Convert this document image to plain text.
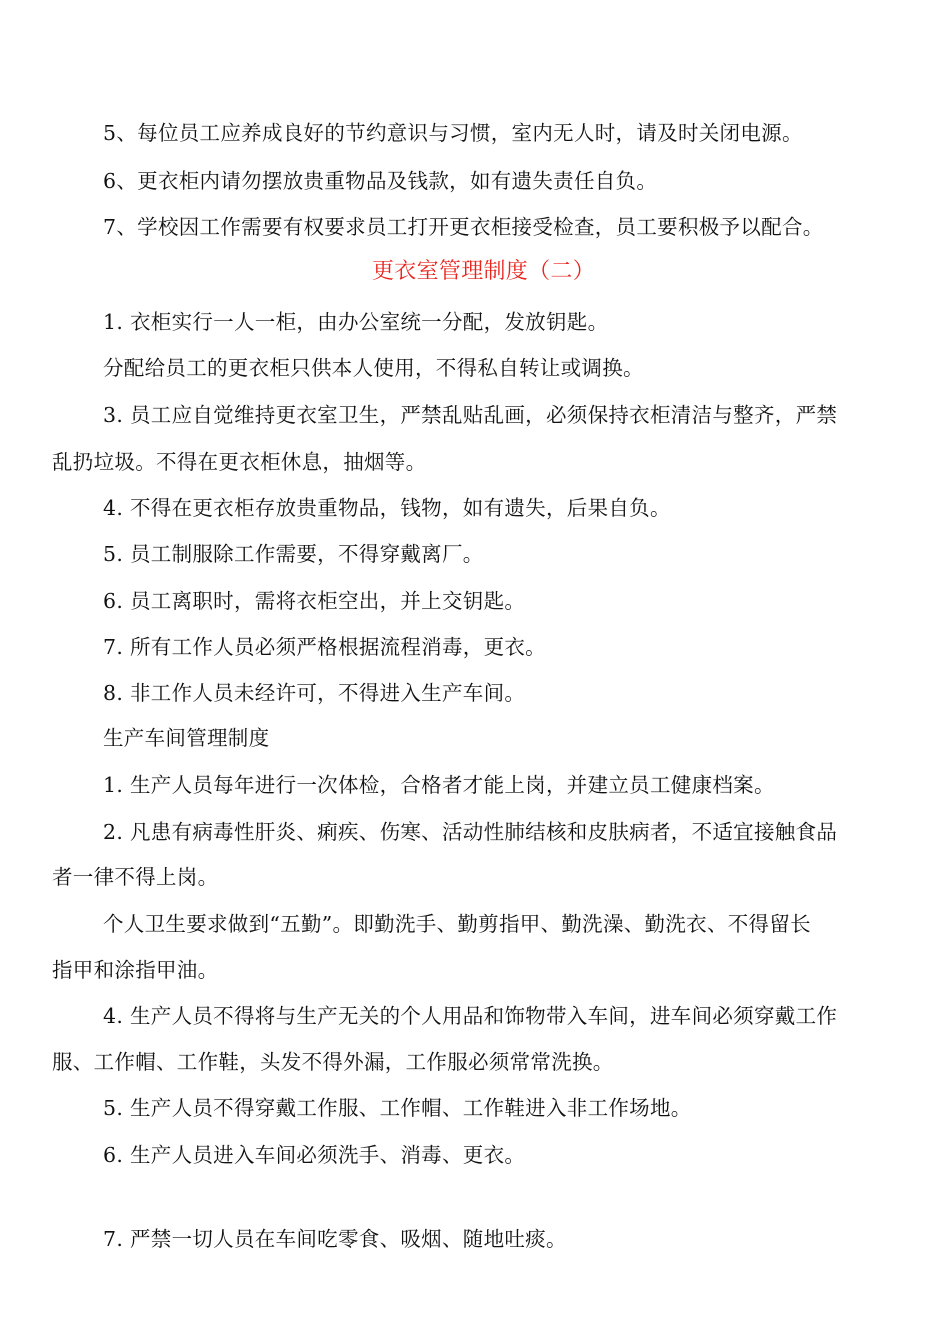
5、每位员工应养成良好的节约意识与习惯，室内无人时，请及时关闭电源。
6、更衣柜内请勿摆放贵重物品及钱款，如有遗失责任自负。
7、学校因工作需要有权要求员工打开更衣柜接受检查，员工要积极予以配合。
更衣室管理制度（二）
1. 衣柜实行一人一柜，由办公室统一分配，发放钥匙。
分配给员工的更衣柜只供本人使用，不得私自转让或调换。
3. 员工应自觉维持更衣室卫生，严禁乱贴乱画，必须保持衣柜清洁与整齐，严禁
乱扔垃圾。不得在更衣柜休息，抽烟等。
4. 不得在更衣柜存放贵重物品，钱物，如有遗失，后果自负。
5. 员工制服除工作需要，不得穿戴离厂。
6. 员工离职时，需将衣柜空出，并上交钥匙。
7. 所有工作人员必须严格根据流程消毒，更衣。
8. 非工作人员未经许可，不得进入生产车间。
生产车间管理制度
1. 生产人员每年进行一次体检，合格者才能上岗，并建立员工健康档案。
2. 凡患有病毒性肝炎、痢疾、伤寒、活动性肺结核和皮肤病者，不适宜接触食品
者一律不得上岗。
个人卫生要求做到“五勤”。即勤洗手、勤剪指甲、勤洗澡、勤洗衣、不得留长
指甲和涂指甲油。
4. 生产人员不得将与生产无关的个人用品和饰物带入车间，进车间必须穿戴工作
服、工作帽、工作鞋，头发不得外漏，工作服必须常常洗换。
5. 生产人员不得穿戴工作服、工作帽、工作鞋进入非工作场地。
6. 生产人员进入车间必须洗手、消毒、更衣。
7. 严禁一切人员在车间吃零食、吸烟、随地吐痰。
